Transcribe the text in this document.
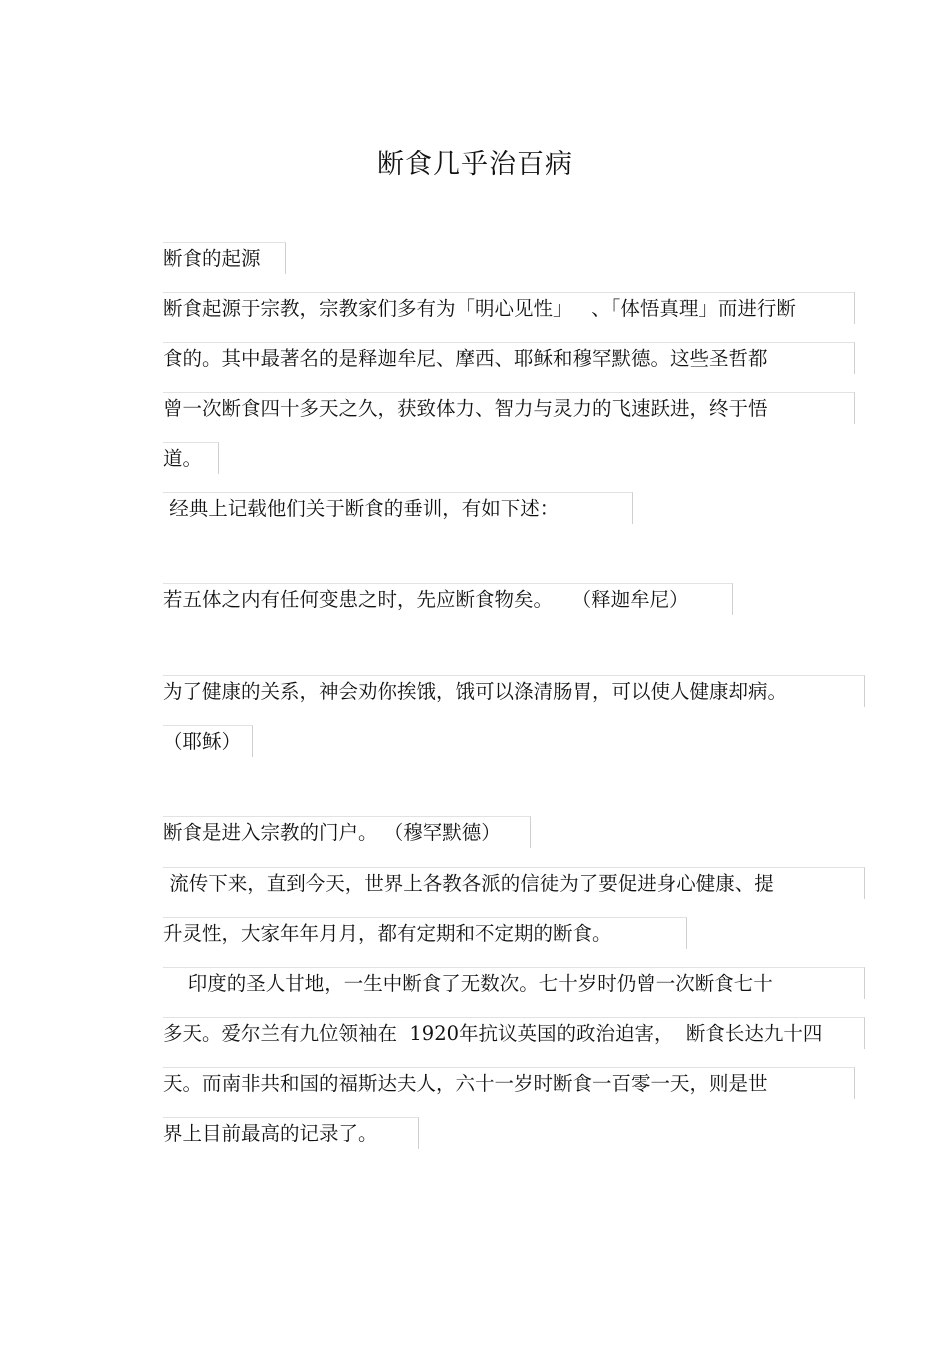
断食几乎治百病
断食的起源
断食起源于宗教，宗教家们多有为「明心见性」   、「体悟真理」而进行断
食的。其中最著名的是释迦牟尼、摩西、耶稣和穆罕默德。这些圣哲都
曾一次断食四十多天之久，获致体力、智力与灵力的飞速跃进，终于悟
道。
经典上记载他们关于断食的垂训，有如下述：
若五体之内有任何变患之时，先应断食物矣。   （释迦牟尼）
为了健康的关系，神会劝你挨饿，饿可以涤清肠胃，可以使人健康却病。
（耶稣）
断食是进入宗教的门户。 （穆罕默德）
流传下来，直到今天，世界上各教各派的信徒为了要促进身心健康、提
升灵性，大家年年月月，都有定期和不定期的断食。
印度的圣人甘地，一生中断食了无数次。七十岁时仍曾一次断食七十
多天。爱尔兰有九位领袖在  1920年抗议英国的政治迫害，  断食长达九十四
天。而南非共和国的福斯达夫人，六十一岁时断食一百零一天，则是世
界上目前最高的记录了。
